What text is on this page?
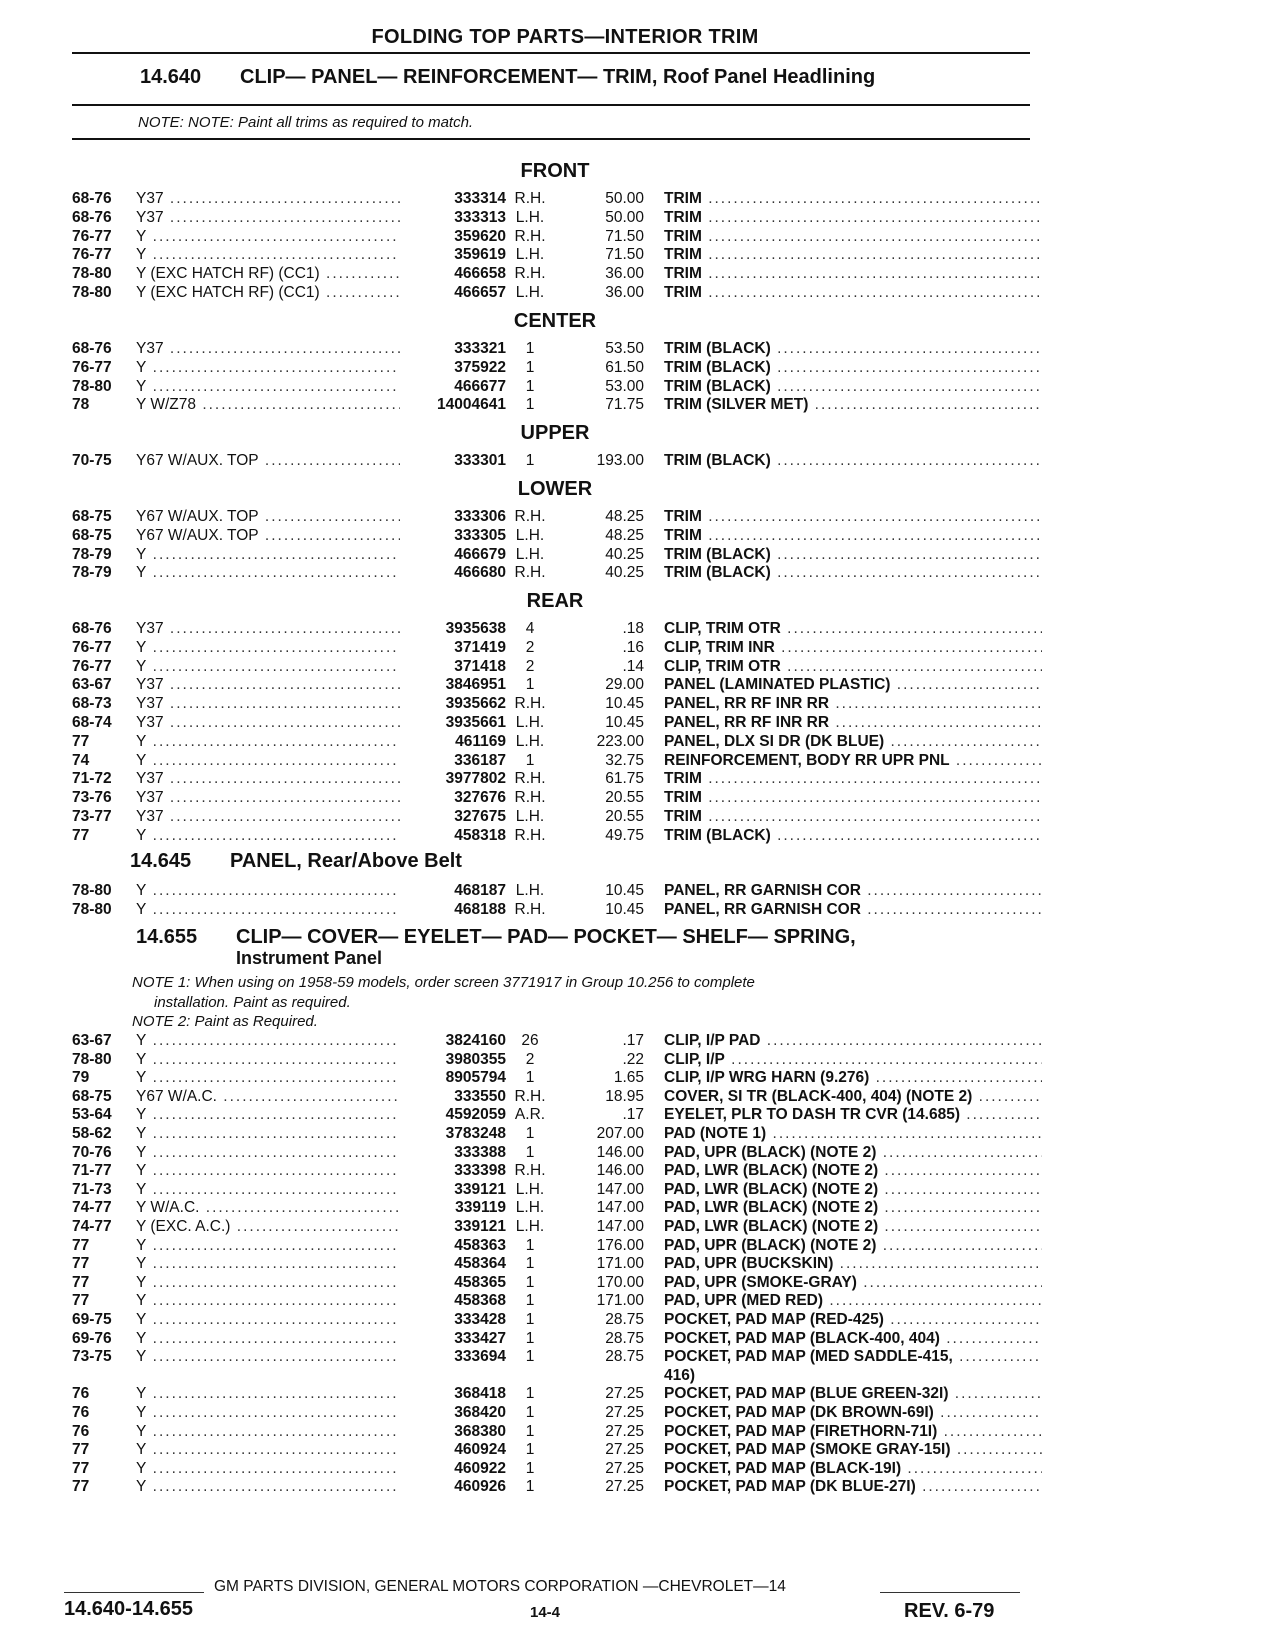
FOLDING TOP PARTS—INTERIOR TRIM
14.640 CLIP— PANEL— REINFORCEMENT— TRIM, Roof Panel Headlining
NOTE: NOTE: Paint all trims as required to match.
FRONT
68-76	Y37 .....	333314 R.H.	50.00 TRIM .....
68-76	Y37 .....	333313 L.H.	50.00 TRIM .....
76-77	Y .....	359620 R.H.	71.50 TRIM .....
76-77	Y .....	359619 L.H.	71.50 TRIM .....
78-80	Y (EXC HATCH RF) (CC1) .....	466658 R.H.	36.00 TRIM .....
78-80	Y (EXC HATCH RF) (CC1) .....	466657 L.H.	36.00 TRIM .....
CENTER
68-76	Y37 .....	333321	1	53.50 TRIM (BLACK) .....
76-77	Y .....	375922	1	61.50 TRIM (BLACK) .....
78-80	Y .....	466677	1	53.00 TRIM (BLACK) .....
78	Y W/Z78 .....	14004641	1	71.75 TRIM (SILVER MET) .....
UPPER
70-75	Y67 W/AUX. TOP .....	333301	1	193.00 TRIM (BLACK) .....
LOWER
68-75	Y67 W/AUX. TOP .....	333306 R.H.	48.25 TRIM .....
68-75	Y67 W/AUX. TOP .....	333305 L.H.	48.25 TRIM .....
78-79	Y .....	466679 L.H.	40.25 TRIM (BLACK) .....
78-79	Y .....	466680 R.H.	40.25 TRIM (BLACK) .....
REAR
68-76	Y37 .....	3935638	4	.18 CLIP, TRIM OTR .....
76-77	Y .....	371419	2	.16 CLIP, TRIM INR .....
76-77	Y .....	371418	2	.14 CLIP, TRIM OTR .....
63-67	Y37 .....	3846951	1	29.00 PANEL (LAMINATED PLASTIC) .....
68-73	Y37 .....	3935662 R.H.	10.45 PANEL, RR RF INR RR .....
68-74	Y37 .....	3935661 L.H.	10.45 PANEL, RR RF INR RR .....
77	Y .....	461169 L.H.	223.00 PANEL, DLX SI DR (DK BLUE) .....
74	Y .....	336187	1	32.75 REINFORCEMENT, BODY RR UPR PNL .....
71-72	Y37 .....	3977802 R.H.	61.75 TRIM .....
73-76	Y37 .....	327676 R.H.	20.55 TRIM .....
73-77	Y37 .....	327675 L.H.	20.55 TRIM .....
77	Y .....	458318 R.H.	49.75 TRIM (BLACK) .....
14.645 PANEL, Rear/Above Belt
78-80	Y .....	468187 L.H.	10.45 PANEL, RR GARNISH COR .....
78-80	Y .....	468188 R.H.	10.45 PANEL, RR GARNISH COR .....
14.655 CLIP— COVER— EYELET— PAD— POCKET— SHELF— SPRING,
Instrument Panel
NOTE 1: When using on 1958-59 models, order screen 3771917 in Group 10.256 to complete
installation. Paint as required.
NOTE 2: Paint as Required.
63-67	Y .....	3824160 26	.17 CLIP, I/P PAD .....
78-80	Y .....	3980355	2	.22 CLIP, I/P .....
79	Y .....	8905794	1	1.65 CLIP, I/P WRG HARN (9.276) .....
68-75	Y67 W/A.C. .....	333550 R.H.	18.95 COVER, SI TR (BLACK-400, 404) (NOTE 2) .....
53-64	Y .....	4592059 A.R.	.17 EYELET, PLR TO DASH TR CVR (14.685) .....
58-62	Y .....	3783248	1	207.00 PAD (NOTE 1) .....
70-76	Y .....	333388	1	146.00 PAD, UPR (BLACK) (NOTE 2) .....
71-77	Y .....	333398 R.H.	146.00 PAD, LWR (BLACK) (NOTE 2) .....
71-73	Y .....	339121 L.H.	147.00 PAD, LWR (BLACK) (NOTE 2) .....
74-77	Y W/A.C. .....	339119 L.H.	147.00 PAD, LWR (BLACK) (NOTE 2) .....
74-77	Y (EXC. A.C.) .....	339121 L.H.	147.00 PAD, LWR (BLACK) (NOTE 2) .....
77	Y .....	458363	1	176.00 PAD, UPR (BLACK) (NOTE 2) .....
77	Y .....	458364	1	171.00 PAD, UPR (BUCKSKIN) .....
77	Y .....	458365	1	170.00 PAD, UPR (SMOKE-GRAY) .....
77	Y .....	458368	1	171.00 PAD, UPR (MED RED) .....
69-75	Y .....	333428	1	28.75 POCKET, PAD MAP (RED-425) .....
69-76	Y .....	333427	1	28.75 POCKET, PAD MAP (BLACK-400, 404) .....
73-75	Y .....	333694	1	28.75 POCKET, PAD MAP (MED SADDLE-415, .....
416)
76	Y .....	368418	1	27.25 POCKET, PAD MAP (BLUE GREEN-32I) .....
76	Y .....	368420	1	27.25 POCKET, PAD MAP (DK BROWN-69I) .....
76	Y .....	368380	1	27.25 POCKET, PAD MAP (FIRETHORN-71I) .....
77	Y .....	460924	1	27.25 POCKET, PAD MAP (SMOKE GRAY-15I) .....
77	Y .....	460922	1	27.25 POCKET, PAD MAP (BLACK-19I) .....
77	Y .....	460926	1	27.25 POCKET, PAD MAP (DK BLUE-27I) .....
GM PARTS DIVISION, GENERAL MOTORS CORPORATION —CHEVROLET—14
14.640-14.655	14-4	REV. 6-79
